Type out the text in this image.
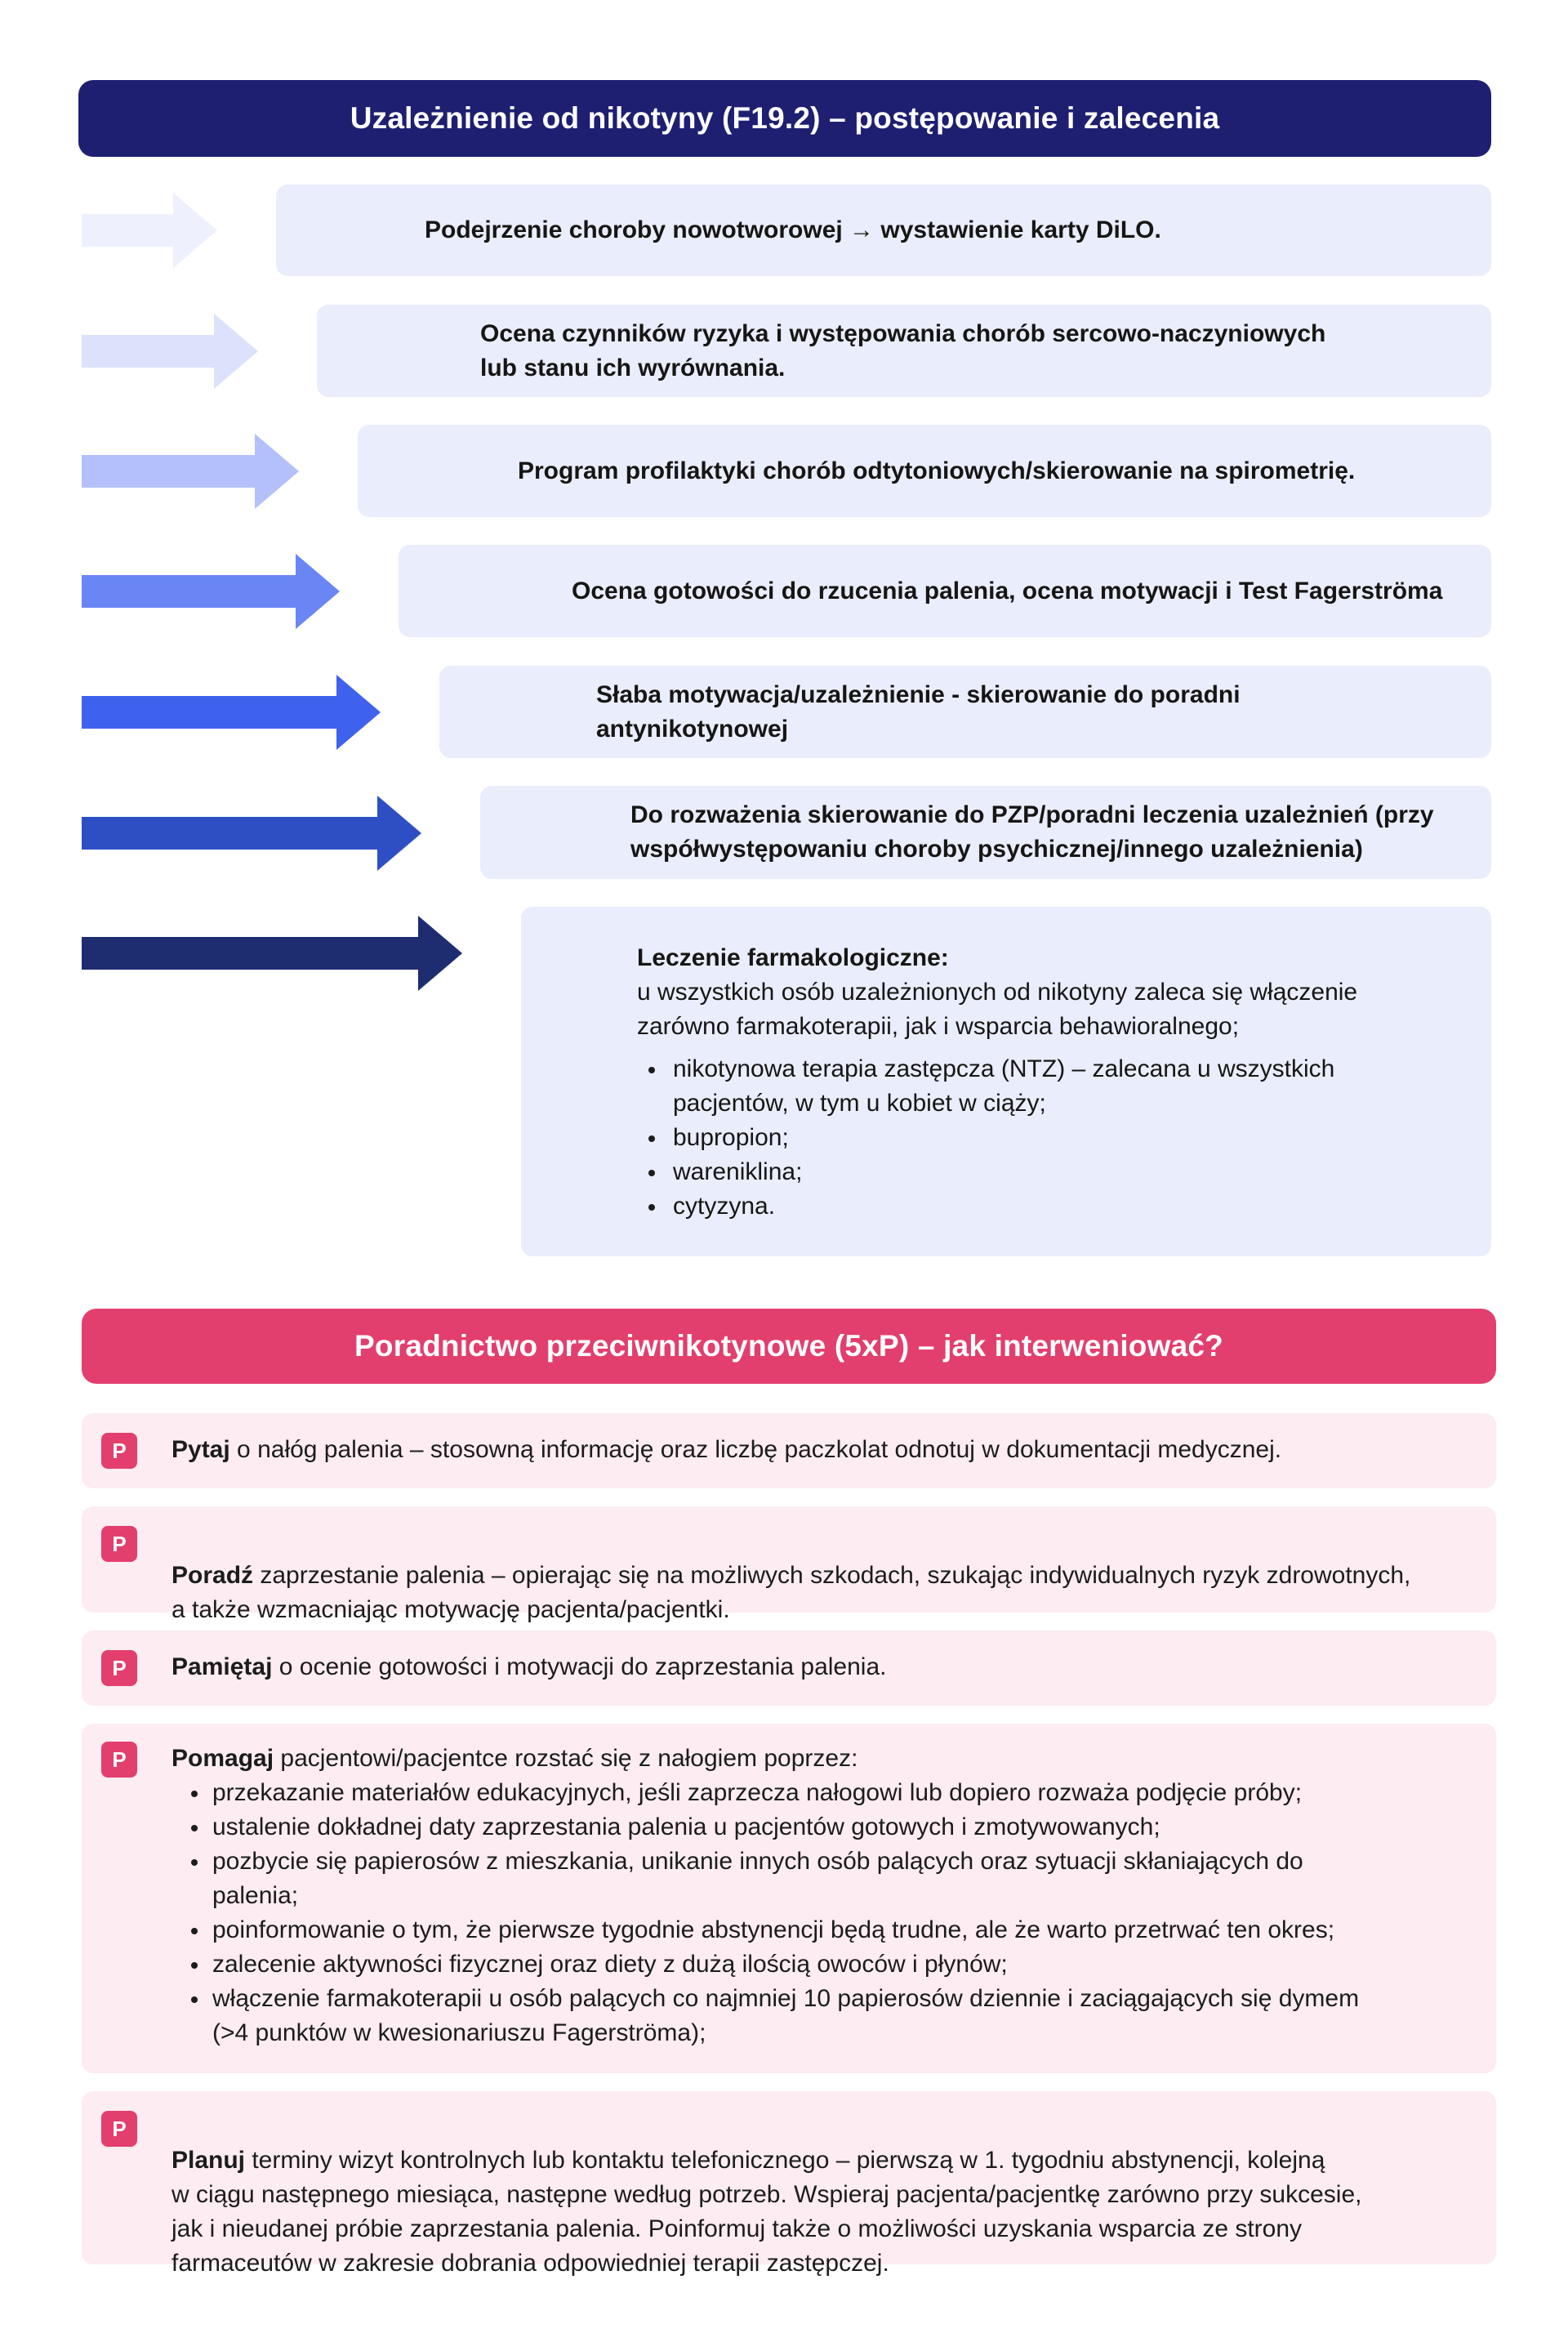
Uzależnienie od nikotyny (F19.2) – postępowanie i zalecenia
Podejrzenie choroby nowotworowej → wystawienie karty DiLO.
Ocena czynników ryzyka i występowania chorób sercowo-naczyniowych
lub stanu ich wyrównania.
Program profilaktyki chorób odtytoniowych/skierowanie na spirometrię.
Ocena gotowości do rzucenia palenia, ocena motywacji i Test Fagerströma
Słaba motywacja/uzależnienie - skierowanie do poradni
antynikotynowej
Do rozważenia skierowanie do PZP/poradni leczenia uzależnień (przy
współwystępowaniu choroby psychicznej/innego uzależnienia)
Leczenie farmakologiczne:
u wszystkich osób uzależnionych od nikotyny zaleca się włączenie
zarówno farmakoterapii, jak i wsparcia behawioralnego;
nikotynowa terapia zastępcza (NTZ) – zalecana u wszystkich
pacjentów, w tym u kobiet w ciąży;
bupropion;
wareniklina;
cytyzyna.
Poradnictwo przeciwnikotynowe (5xP) – jak interweniować?
P	Pytaj o nałóg palenia – stosowną informację oraz liczbę paczkolat odnotuj w dokumentacji medycznej.
P

Poradź zaprzestanie palenia – opierając się na możliwych szkodach, szukając indywidualnych ryzyk zdrowotnych,
a także wzmacniając motywację pacjenta/pacjentki.

P	Pamiętaj o ocenie gotowości i motywacji do zaprzestania palenia.
P	Pomagaj pacjentowi/pacjentce rozstać się z nałogiem poprzez:
przekazanie materiałów edukacyjnych, jeśli zaprzecza nałogowi lub dopiero rozważa podjęcie próby;
ustalenie dokładnej daty zaprzestania palenia u pacjentów gotowych i zmotywowanych;
pozbycie się papierosów z mieszkania, unikanie innych osób palących oraz sytuacji skłaniających do
palenia;
poinformowanie o tym, że pierwsze tygodnie abstynencji będą trudne, ale że warto przetrwać ten okres;
zalecenie aktywności fizycznej oraz diety z dużą ilością owoców i płynów;
włączenie farmakoterapii u osób palących co najmniej 10 papierosów dziennie i zaciągających się dymem
(>4 punktów w kwesionariuszu Fagerströma);
P

Planuj terminy wizyt kontrolnych lub kontaktu telefonicznego – pierwszą w 1. tygodniu abstynencji, kolejną
w ciągu następnego miesiąca, następne według potrzeb. Wspieraj pacjenta/pacjentkę zarówno przy sukcesie,
jak i nieudanej próbie zaprzestania palenia. Poinformuj także o możliwości uzyskania wsparcia ze strony
farmaceutów w zakresie dobrania odpowiedniej terapii zastępczej.
